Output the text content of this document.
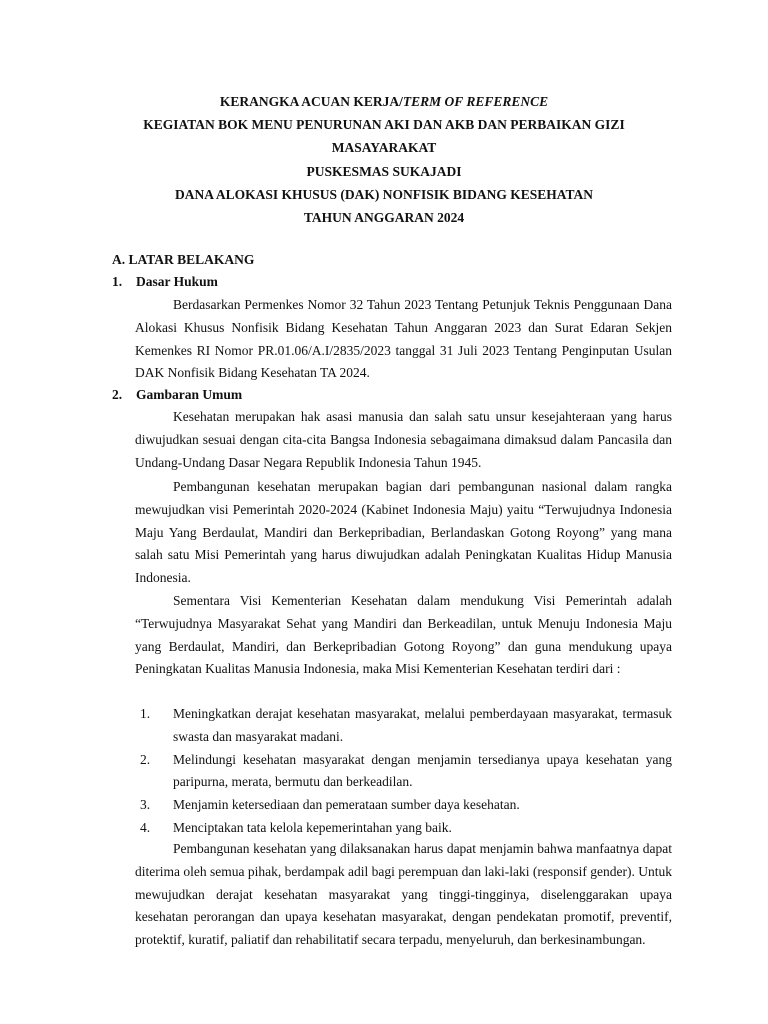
KERANGKA ACUAN KERJA/TERM OF REFERENCE
KEGIATAN BOK MENU PENURUNAN AKI DAN AKB DAN PERBAIKAN GIZI
MASAYARAKAT
PUSKESMAS SUKAJADI
DANA ALOKASI KHUSUS (DAK) NONFISIK BIDANG KESEHATAN
TAHUN ANGGARAN 2024
A. LATAR BELAKANG
1. Dasar Hukum
Berdasarkan Permenkes Nomor 32 Tahun 2023 Tentang Petunjuk Teknis Penggunaan Dana Alokasi Khusus Nonfisik Bidang Kesehatan Tahun Anggaran 2023 dan Surat Edaran Sekjen Kemenkes RI Nomor PR.01.06/A.I/2835/2023 tanggal 31 Juli 2023 Tentang Penginputan Usulan DAK Nonfisik Bidang Kesehatan TA 2024.
2. Gambaran Umum
Kesehatan merupakan hak asasi manusia dan salah satu unsur kesejahteraan yang harus diwujudkan sesuai dengan cita-cita Bangsa Indonesia sebagaimana dimaksud dalam Pancasila dan Undang-Undang Dasar Negara Republik Indonesia Tahun 1945.
Pembangunan kesehatan merupakan bagian dari pembangunan nasional dalam rangka mewujudkan visi Pemerintah 2020-2024 (Kabinet Indonesia Maju) yaitu “Terwujudnya Indonesia Maju Yang Berdaulat, Mandiri dan Berkepribadian, Berlandaskan Gotong Royong” yang mana salah satu Misi Pemerintah yang harus diwujudkan adalah Peningkatan Kualitas Hidup Manusia Indonesia.
Sementara Visi Kementerian Kesehatan dalam mendukung Visi Pemerintah adalah “Terwujudnya Masyarakat Sehat yang Mandiri dan Berkeadilan, untuk Menuju Indonesia Maju yang Berdaulat, Mandiri, dan Berkepribadian Gotong Royong” dan guna mendukung upaya Peningkatan Kualitas Manusia Indonesia, maka Misi Kementerian Kesehatan terdiri dari :
1. Meningkatkan derajat kesehatan masyarakat, melalui pemberdayaan masyarakat, termasuk swasta dan masyarakat madani.
2. Melindungi kesehatan masyarakat dengan menjamin tersedianya upaya kesehatan yang paripurna, merata, bermutu dan berkeadilan.
3. Menjamin ketersediaan dan pemerataan sumber daya kesehatan.
4. Menciptakan tata kelola kepemerintahan yang baik.
Pembangunan kesehatan yang dilaksanakan harus dapat menjamin bahwa manfaatnya dapat diterima oleh semua pihak, berdampak adil bagi perempuan dan laki-laki (responsif gender). Untuk mewujudkan derajat kesehatan masyarakat yang tinggi-tingginya, diselenggarakan upaya kesehatan perorangan dan upaya kesehatan masyarakat, dengan pendekatan promotif, preventif, protektif, kuratif, paliatif dan rehabilitatif secara terpadu, menyeluruh, dan berkesinambungan.
